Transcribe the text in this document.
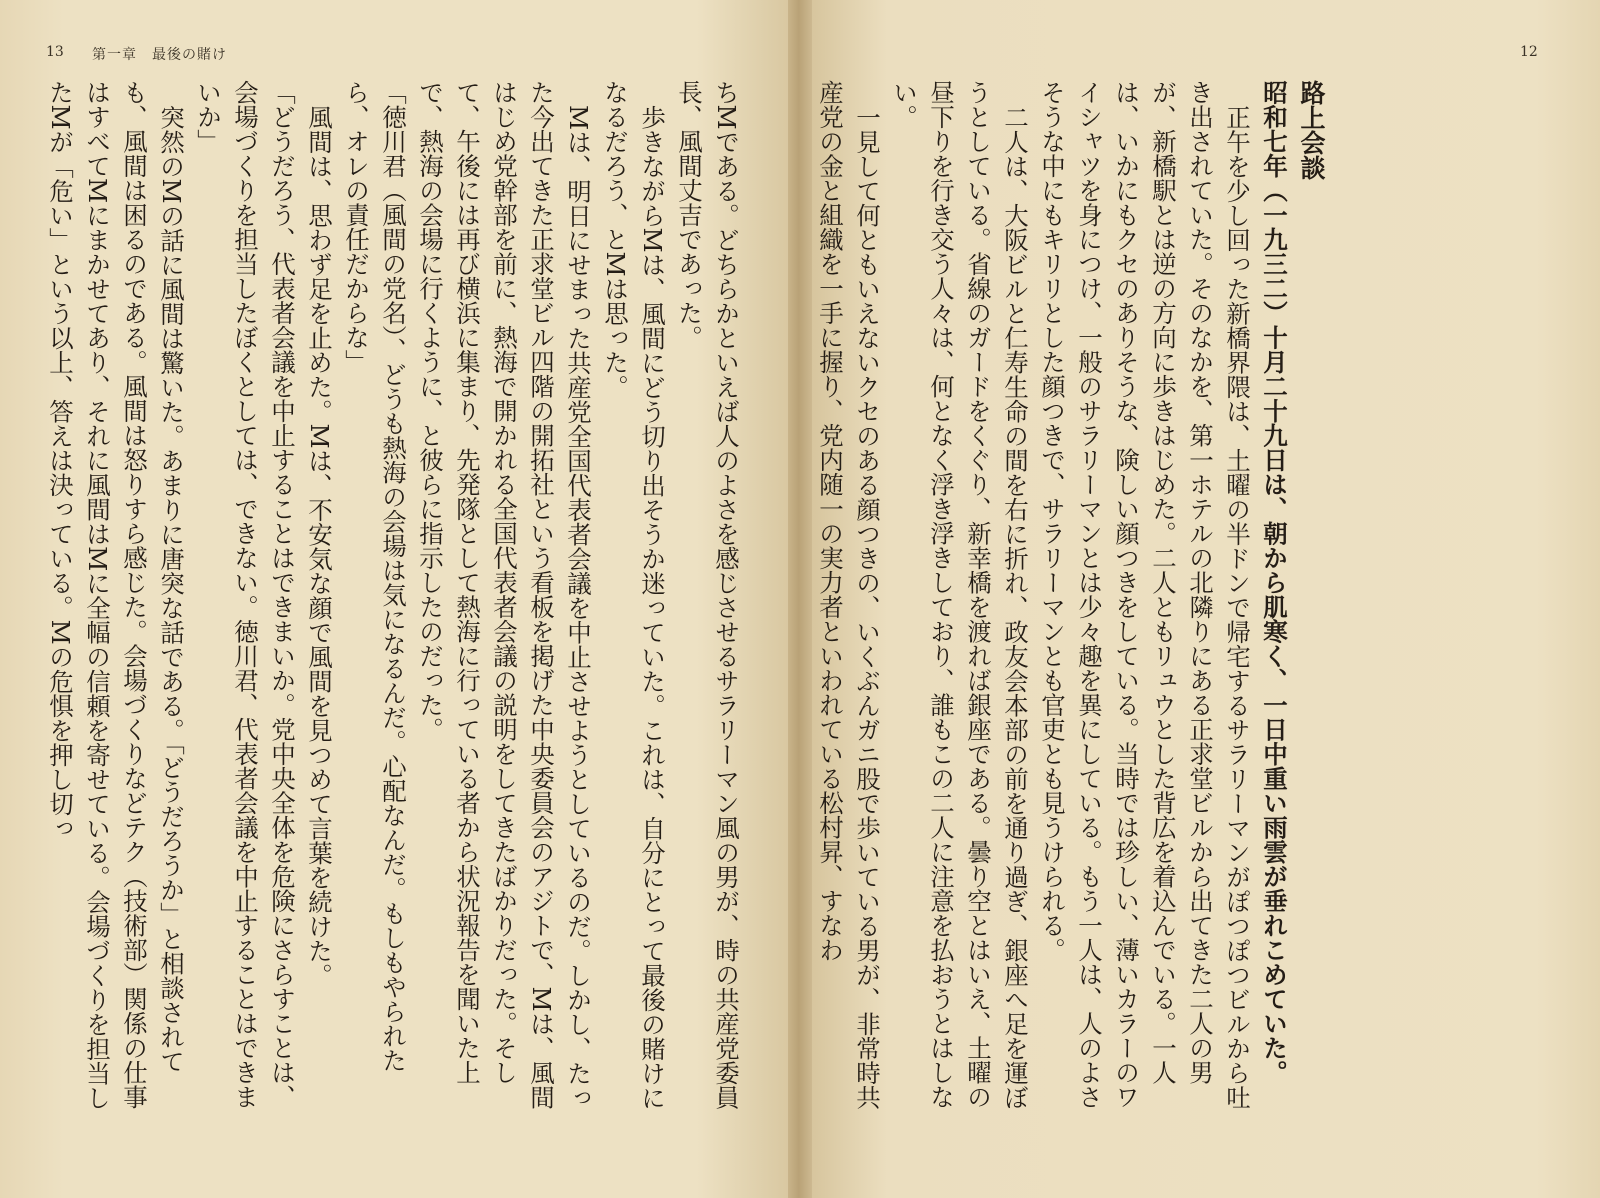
13 第一章　最後の賭け	12

路上会談

昭和七年（一九三二）十月二十九日は、朝から肌寒く、一日中重い雨雲が垂れこめていた。

正午を少し回った新橋界隈は、土曜の半ドンで帰宅するサラリーマンがぽつぽつビルから吐き出されていた。そのなかを、第一ホテルの北隣りにある正求堂ビルから出てきた二人の男が、新橋駅とは逆の方向に歩きはじめた。二人ともリュウとした背広を着込んでいる。一人は、いかにもクセのありそうな、険しい顔つきをしている。当時では珍しい、薄いカラーのワイシャツを身につけ、一般のサラリーマンとは少々趣を異にしている。もう一人は、人のよさそうな中にもキリリとした顔つきで、サラリーマンとも官吏とも見うけられる。

二人は、大阪ビルと仁寿生命の間を右に折れ、政友会本部の前を通り過ぎ、銀座へ足を運ぼうとしている。省線のガードをくぐり、新幸橋を渡れば銀座である。曇り空とはいえ、土曜の昼下りを行き交う人々は、何となく浮き浮きしており、誰もこの二人に注意を払おうとはしない。

一見して何ともいえないクセのある顔つきの、いくぶんガニ股で歩いている男が、非常時共産党の金と組織を一手に握り、党内随一の実力者といわれている松村昇、すなわ

ちMである。どちらかといえば人のよさを感じさせるサラリーマン風の男が、時の共産党委員長、風間丈吉であった。

歩きながらMは、風間にどう切り出そうか迷っていた。これは、自分にとって最後の賭けになるだろう、とMは思った。

Mは、明日にせまった共産党全国代表者会議を中止させようとしているのだ。しかし、たった今出てきた正求堂ビル四階の開拓社という看板を掲げた中央委員会のアジトで、Mは、風間はじめ党幹部を前に、熱海で開かれる全国代表者会議の説明をしてきたばかりだった。そして、午後には再び横浜に集まり、先発隊として熱海に行っている者から状況報告を聞いた上で、熱海の会場に行くように、と彼らに指示したのだった。

「徳川君（風間の党名）、どうも熱海の会場は気になるんだ。心配なんだ。もしもやられたら、オレの責任だからな」

風間は、思わず足を止めた。Mは、不安気な顔で風間を見つめて言葉を続けた。

「どうだろう、代表者会議を中止することはできまいか。党中央全体を危険にさらすことは、会場づくりを担当したぼくとしては、できない。徳川君、代表者会議を中止することはできまいか」

突然のMの話に風間は驚いた。あまりに唐突な話である。「どうだろうか」と相談されても、風間は困るのである。風間は怒りすら感じた。会場づくりなどテク（技術部）関係の仕事はすべてMにまかせてあり、それに風間はMに全幅の信頼を寄せている。会場づくりを担当したMが「危い」という以上、答えは決っている。Mの危惧を押し切っ
